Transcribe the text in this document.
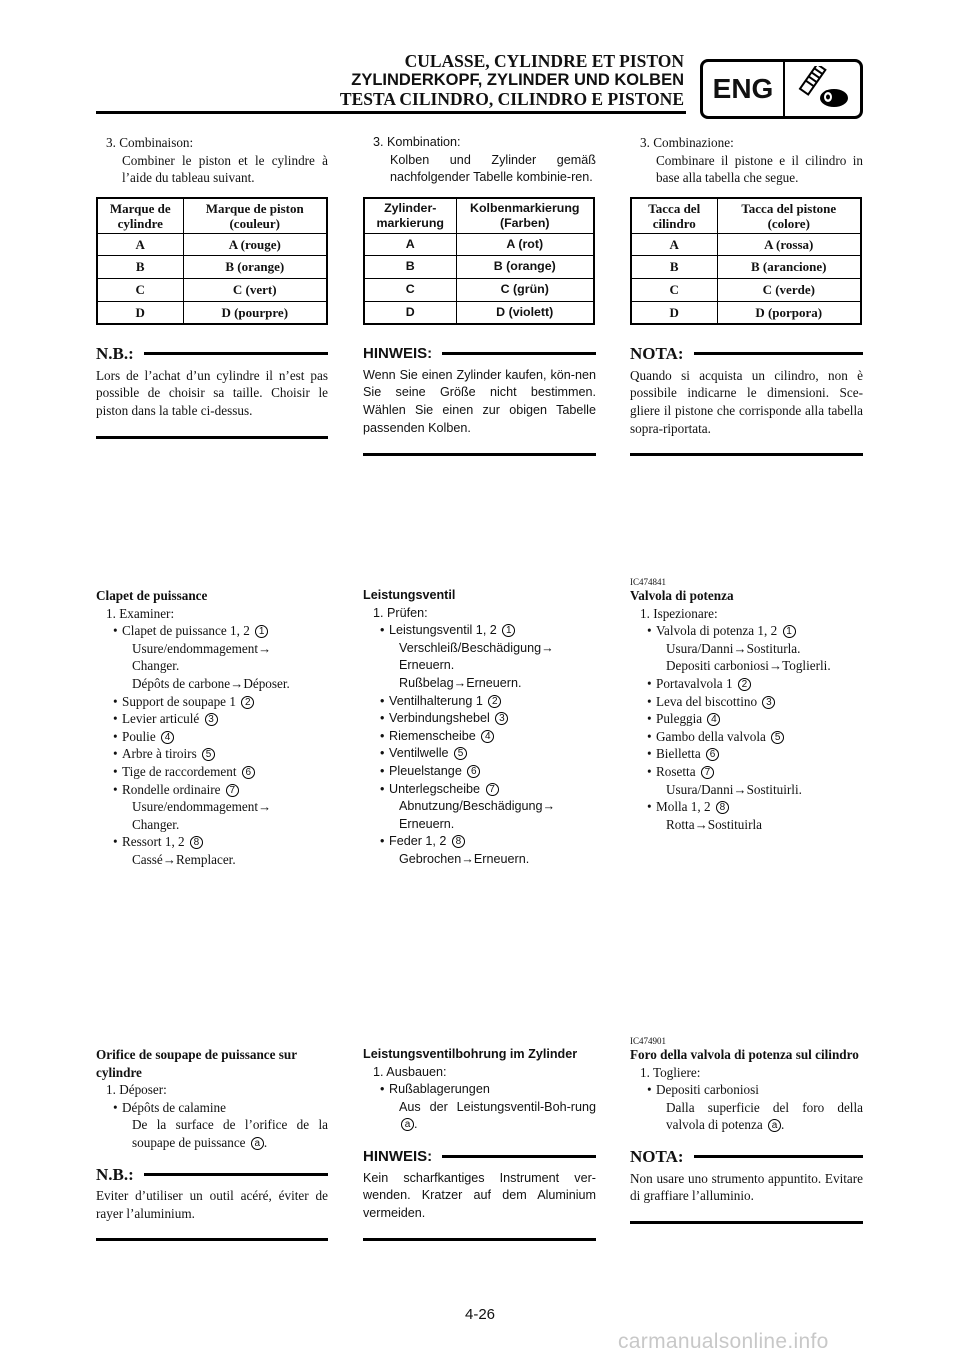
CULASSE, CYLINDRE ET PISTON
ZYLINDERKOPF, ZYLINDER UND KOLBEN
TESTA CILINDRO, CILINDRO E PISTONE	ENG
3. Combinaison:
Combiner le piston et le cylindre à l’aide du tableau suivant.
Marque de cylindre	Marque de piston (couleur)
A	A (rouge)
B	B (orange)
C	C (vert)
D	D (pourpre)
N.B.:
Lors de l’achat d’un cylindre il n’est pas possible de choisir sa taille. Choisir le piston dans la table ci-dessus.
Clapet de puissance
1. Examiner:
• Clapet de puissance 1, 2 1
Usure/endommagement→
Changer.
Dépôts de carbone→Déposer.
• Support de soupape 1 2
• Levier articulé 3
• Poulie 4
• Arbre à tiroirs 5
• Tige de raccordement 6
• Rondelle ordinaire 7
Usure/endommagement→
Changer.
• Ressort 1, 2 8
Cassé→Remplacer.
Orifice de soupape de puissance sur cylindre
1. Déposer:
• Dépôts de calamine
De la surface de l’orifice de la soupape de puissance a .
N.B.:
Eviter d’utiliser un outil acéré, éviter de rayer l’aluminium.
3. Kombination:
Kolben und Zylinder gemäß nachfolgender Tabelle kombinie-ren.
Zylinder-markierung	Kolbenmarkierung (Farben)
A	A (rot)
B	B (orange)
C	C (grün)
D	D (violett)
HINWEIS:
Wenn Sie einen Zylinder kaufen, kön-nen Sie seine Größe nicht bestimmen. Wählen Sie einen zur obigen Tabelle passenden Kolben.
Leistungsventil
1. Prüfen:
• Leistungsventil 1, 2 1
Verschleiß/Beschädigung→
Erneuern.
Rußbelag→Erneuern.
• Ventilhalterung 1 2
• Verbindungshebel 3
• Riemenscheibe 4
• Ventilwelle 5
• Pleuelstange 6
• Unterlegscheibe 7
Abnutzung/Beschädigung→
Erneuern.
• Feder 1, 2 8
Gebrochen→Erneuern.
Leistungsventilbohrung im Zylinder
1. Ausbauen:
• Rußablagerungen
Aus der Leistungsventil-Boh-rung a .
HINWEIS:
Kein scharfkantiges Instrument ver-wenden. Kratzer auf dem Aluminium vermeiden.
3. Combinazione:
Combinare il pistone e il cilindro in base alla tabella che segue.
Tacca del cilindro	Tacca del pistone (colore)
A	A (rossa)
B	B (arancione)
C	C (verde)
D	D (porpora)
NOTA:
Quando si acquista un cilindro, non è possibile indicarne le dimensioni. Sce-gliere il pistone che corrisponde alla tabella sopra-riportata.
IC474841
Valvola di potenza
1. Ispezionare:
• Valvola di potenza 1, 2 1
Usura/Danni→Sostiturla.
Depositi carboniosi→Toglierli.
• Portavalvola 1 2
• Leva del biscottino 3
• Puleggia 4
• Gambo della valvola 5
• Bielletta 6
• Rosetta 7
Usura/Danni→Sostituirli.
• Molla 1, 2 8
Rotta→Sostituirla
IC474901
Foro della valvola di potenza sul cilindro
1. Togliere:
• Depositi carboniosi
Dalla superficie del foro della valvola di potenza a .
NOTA:
Non usare uno strumento appuntito. Evitare di graffiare l’alluminio.
4-26
carmanualsonline.info
